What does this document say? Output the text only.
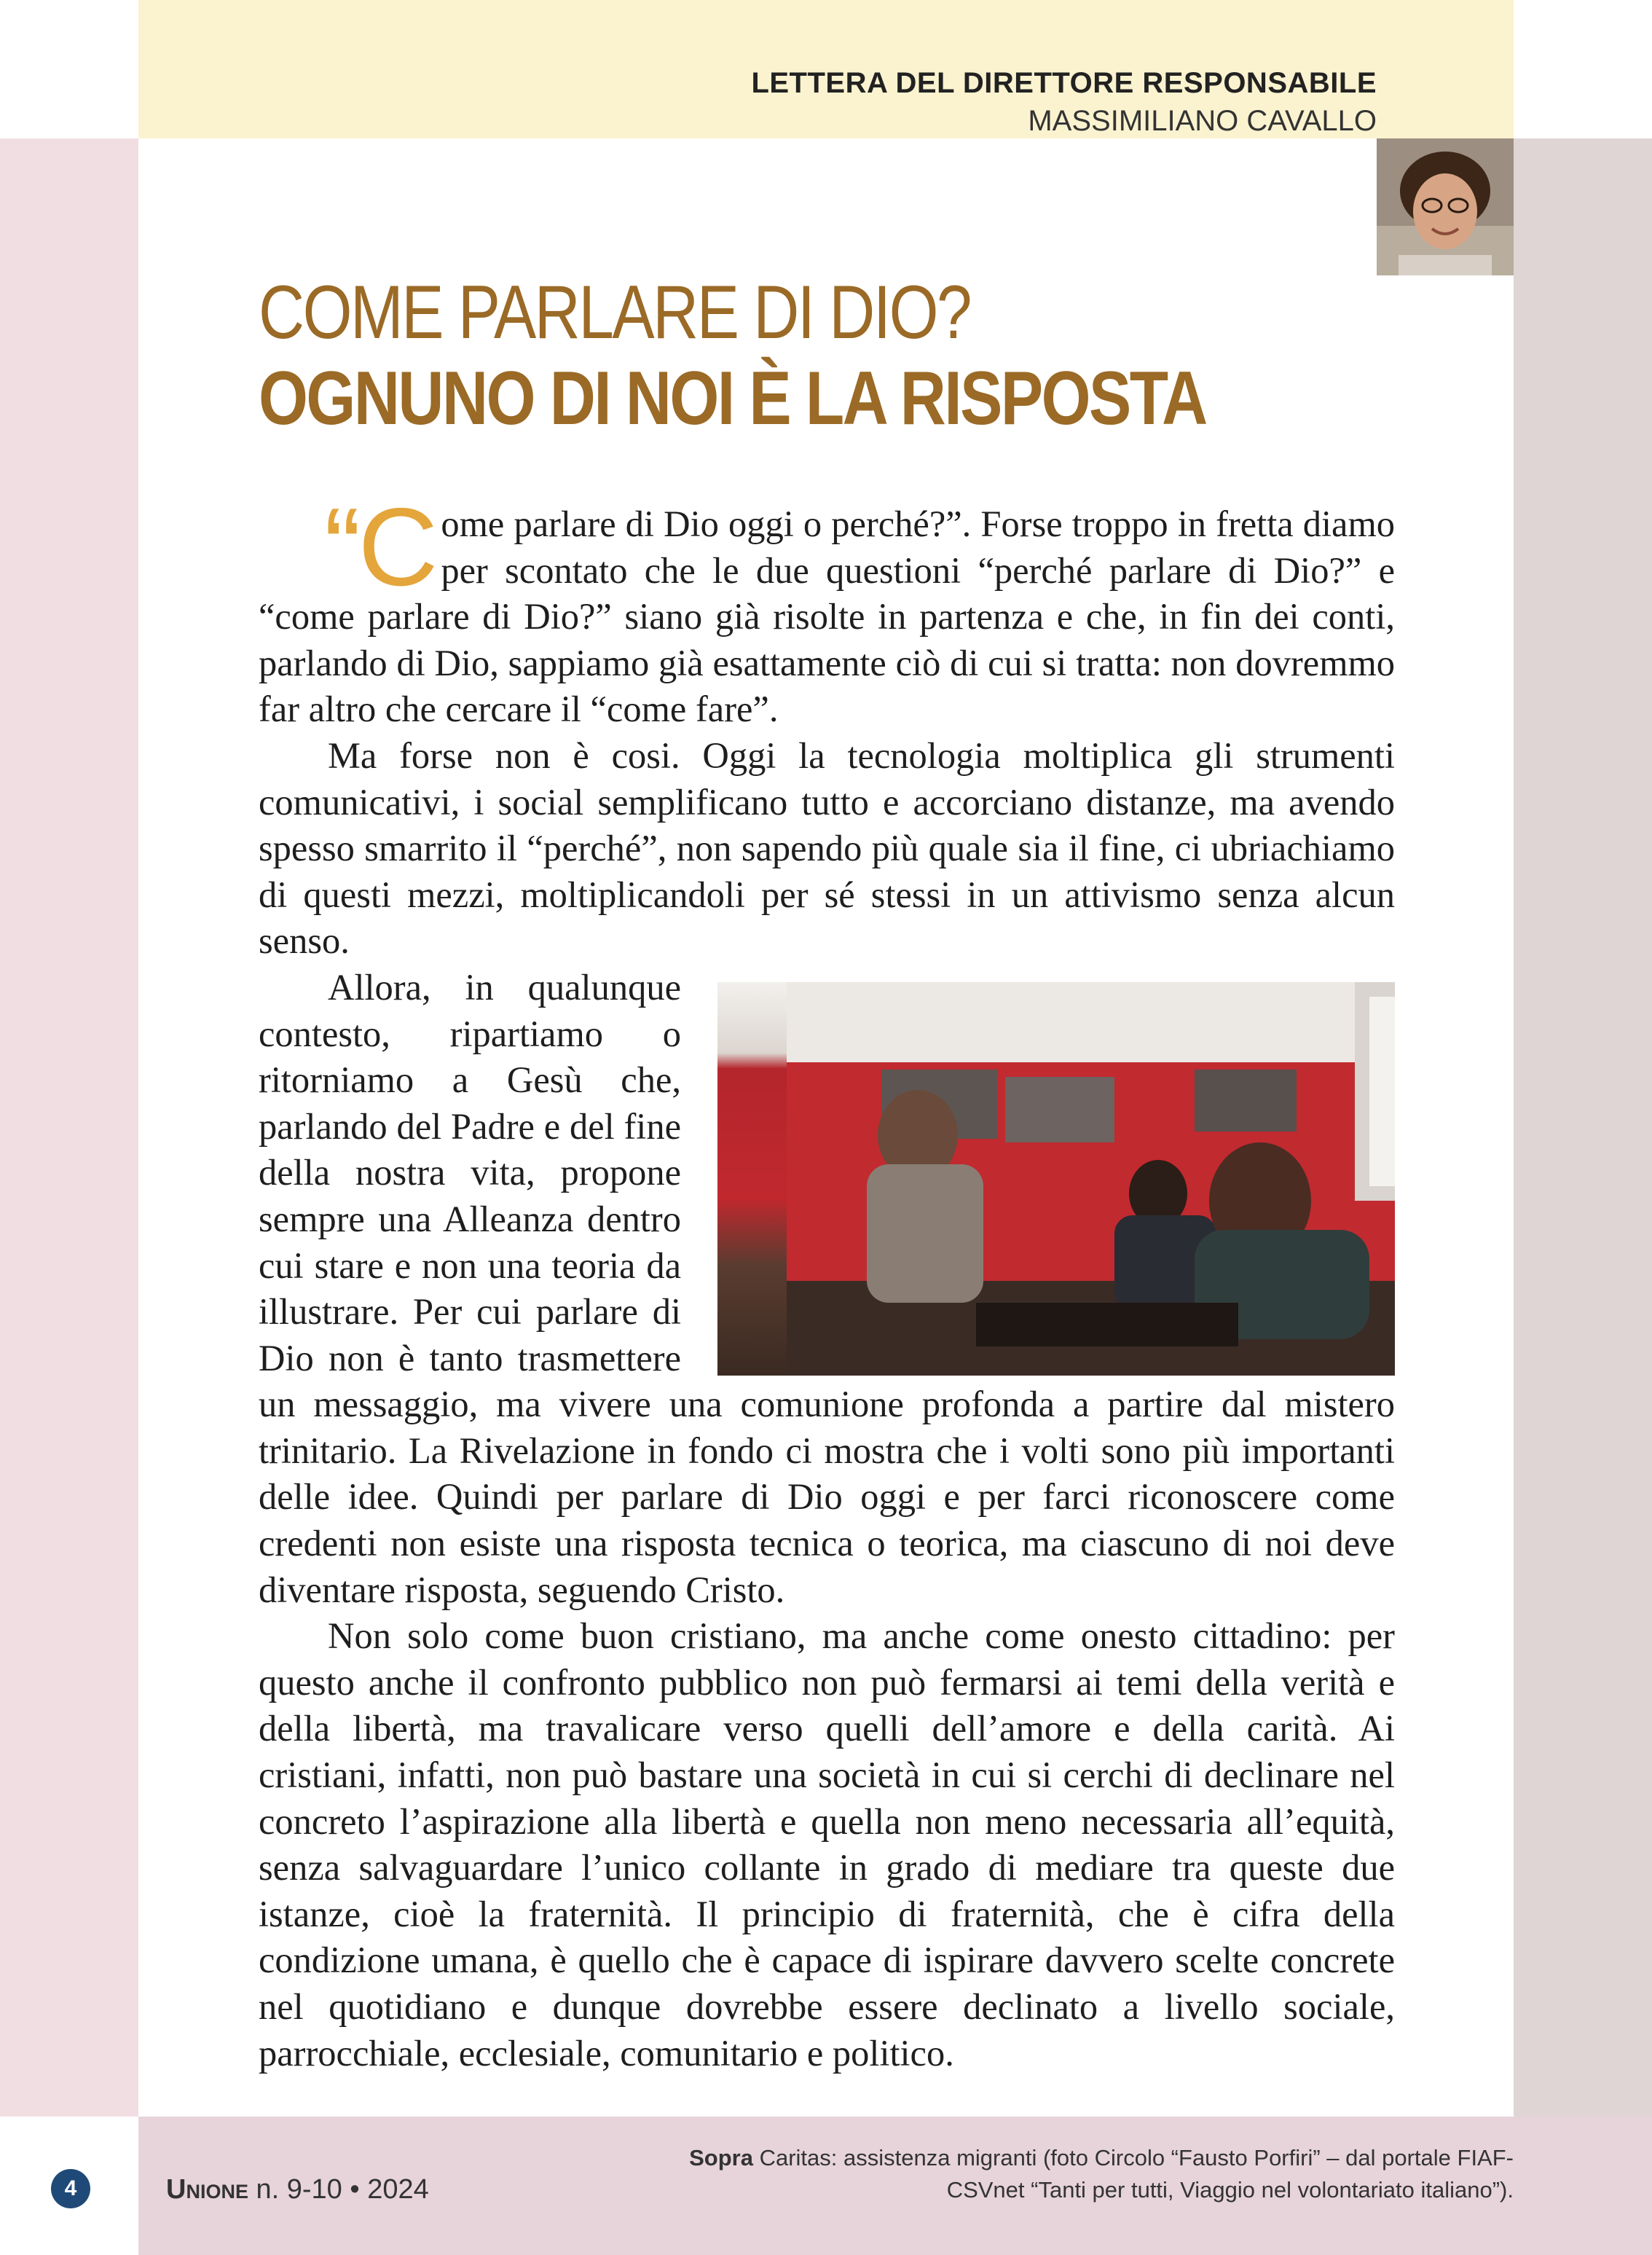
LETTERA DEL DIRETTORE RESPONSABILE
MASSIMILIANO CAVALLO
COME PARLARE DI DIO?
OGNUNO DI NOI È LA RISPOSTA

“Come parlare di Dio oggi o perché?”. Forse troppo in fretta diamo per scontato che le due questioni “perché parlare di Dio?” e “come parlare di Dio?” siano già risolte in partenza e che, in fin dei conti, parlando di Dio, sappiamo già esattamente ciò di cui si tratta: non dovremmo far altro che cercare il “come fare”.

Ma forse non è cosi. Oggi la tecnologia moltiplica gli strumenti comunicativi, i social semplificano tutto e accorciano distanze, ma avendo spesso smarrito il “perché”, non sapendo più quale sia il fine, ci ubriachiamo di questi mezzi, moltiplicandoli per sé stessi in un attivismo senza alcun senso.

Allora, in qualunque contesto, ripartiamo o ritorniamo a Gesù che, parlando del Padre e del fine della nostra vita, propone sempre una Alleanza dentro cui stare e non una teoria da illustrare. Per cui parlare di Dio non è tanto trasmettere un messaggio, ma vivere una comunione profonda a partire dal mistero trinitario. La Rivelazione in fondo ci mostra che i volti sono più importanti delle idee. Quindi per parlare di Dio oggi e per farci riconoscere come credenti non esiste una risposta tecnica o teorica, ma ciascuno di noi deve diventare risposta, seguendo Cristo.

Non solo come buon cristiano, ma anche come onesto cittadino: per questo anche il confronto pubblico non può fermarsi ai temi della verità e della libertà, ma travalicare verso quelli dell’amore e della carità. Ai cristiani, infatti, non può bastare una società in cui si cerchi di declinare nel concreto l’aspirazione alla libertà e quella non meno necessaria all’equità, senza salvaguardare l’unico collante in grado di mediare tra queste due istanze, cioè la fraternità. Il principio di fraternità, che è cifra della condizione umana, è quello che è capace di ispirare davvero scelte concrete nel quotidiano e dunque dovrebbe essere declinato a livello sociale, parrocchiale, ecclesiale, comunitario e politico.

4	Unione n. 9-10 • 2024
Sopra Caritas: assistenza migranti (foto Circolo “Fausto Porfiri” – dal portale FIAF-CSVnet “Tanti per tutti, Viaggio nel volontariato italiano”).
